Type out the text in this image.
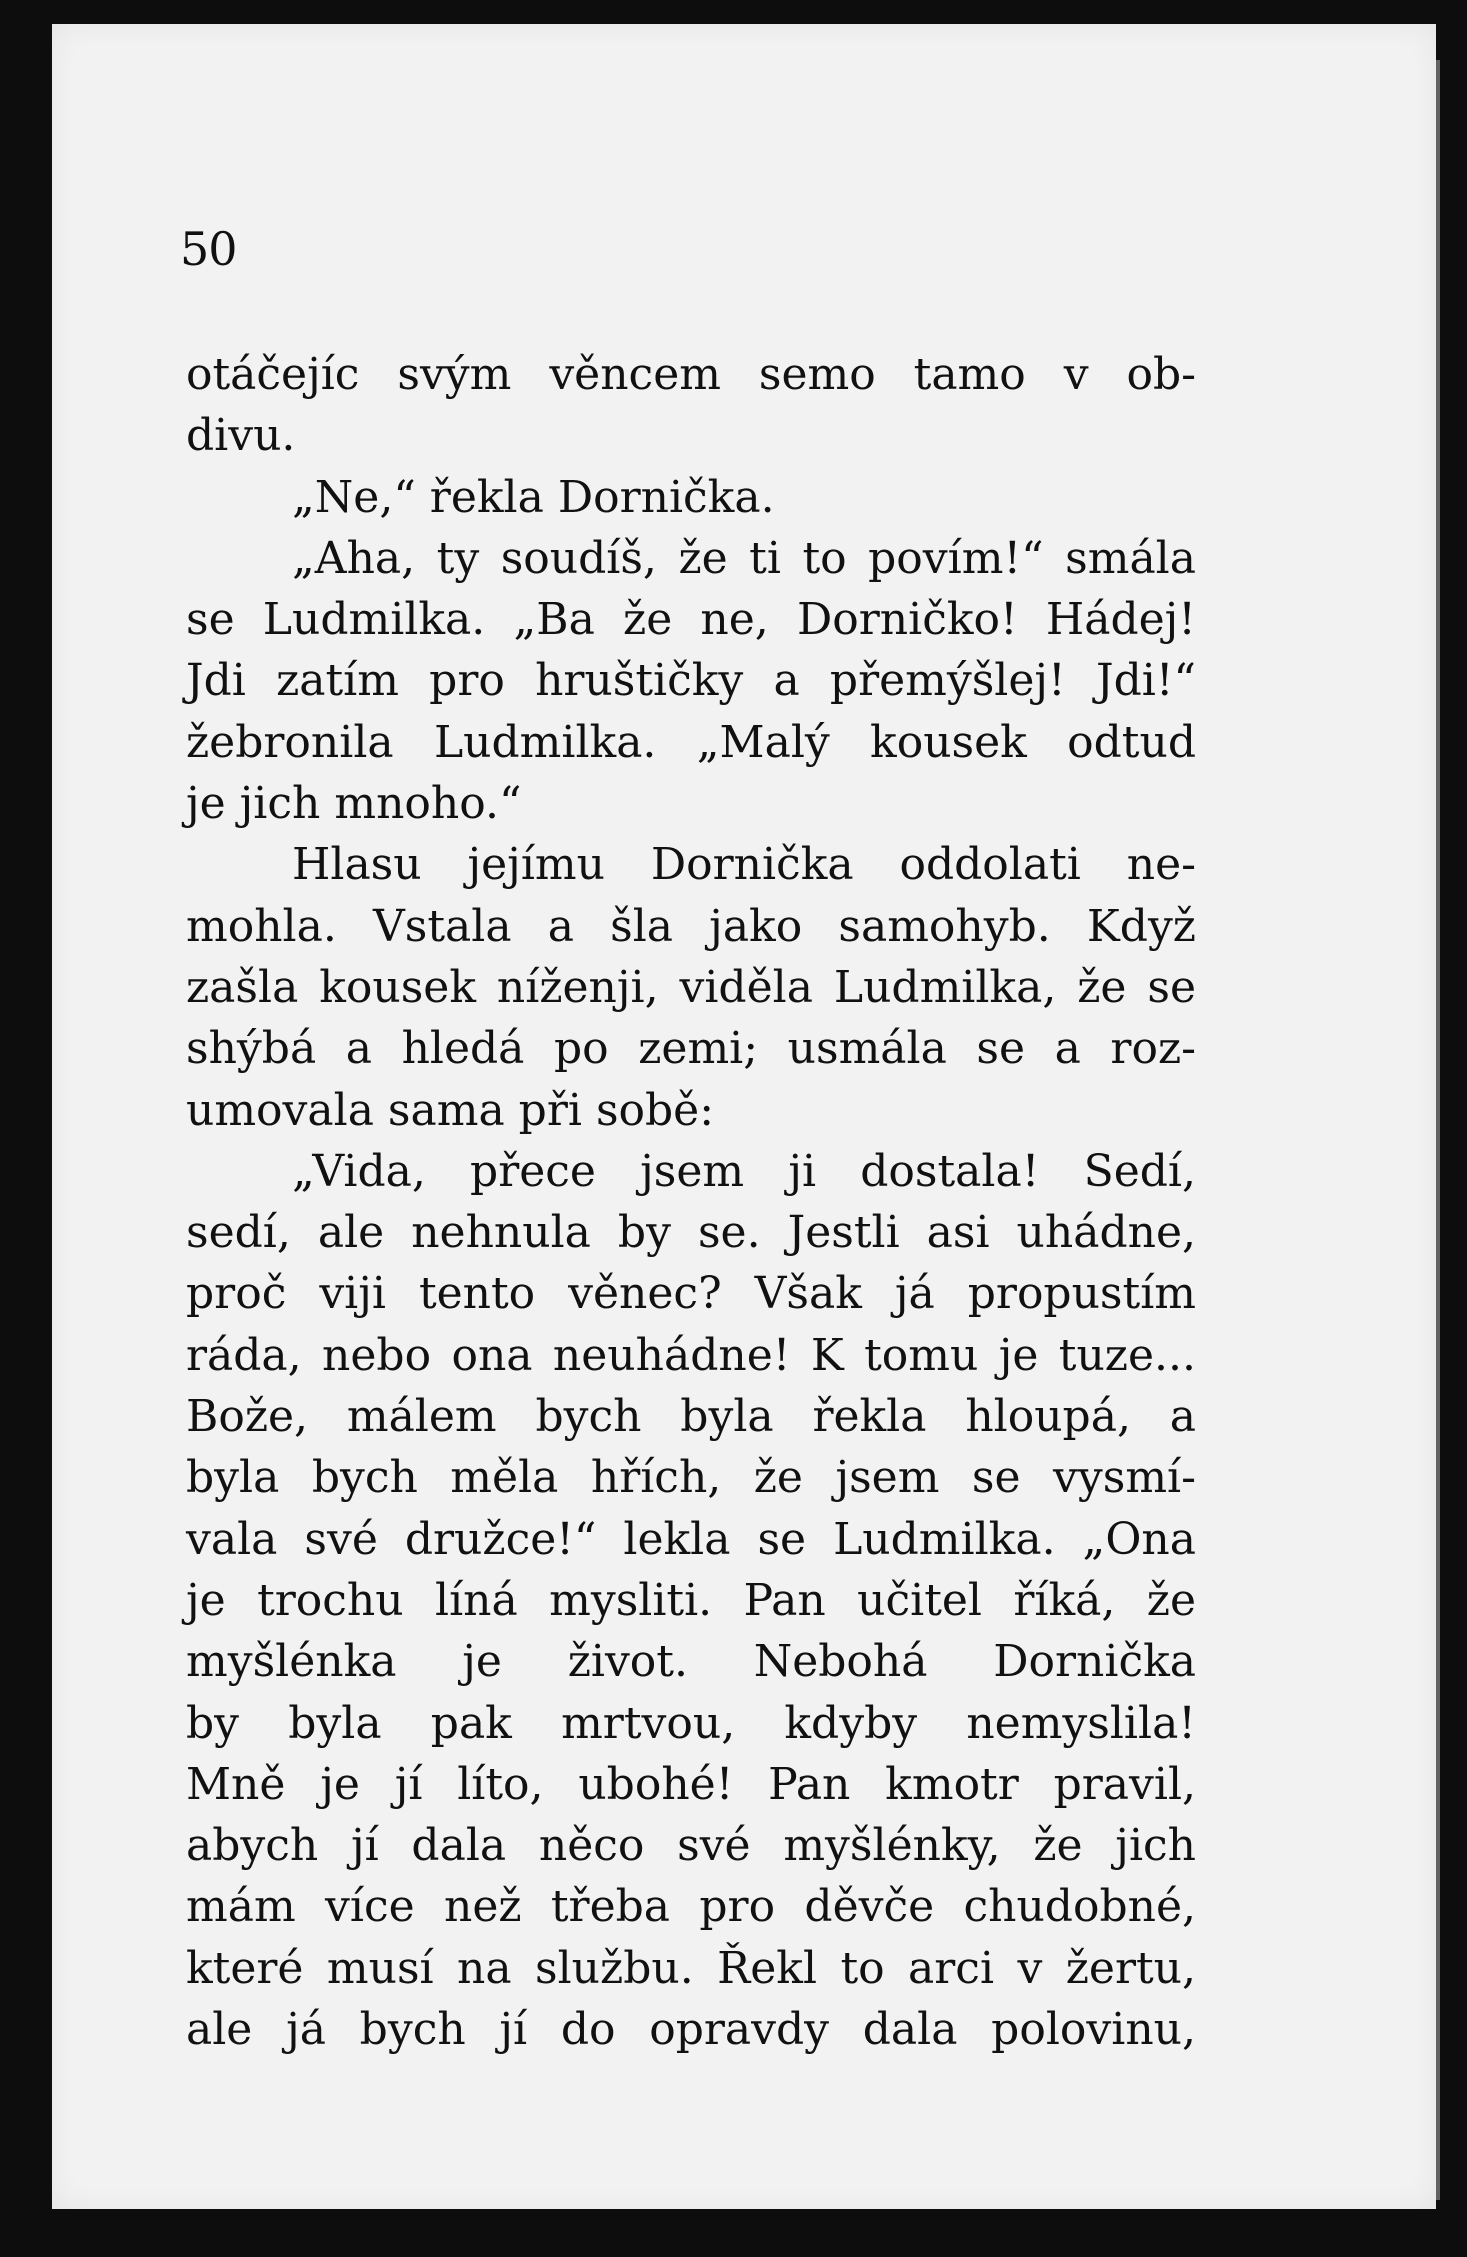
50
otáčejíc svým věncem semo tamo v ob-
divu.
„Ne,“ řekla Dornička.
„Aha, ty soudíš, že ti to povím!“ smála
se Ludmilka. „Ba že ne, Dorničko! Hádej!
Jdi zatím pro hruštičky a přemýšlej! Jdi!“
žebronila Ludmilka. „Malý kousek odtud
je jich mnoho.“
Hlasu jejímu Dornička oddolati ne-
mohla. Vstala a šla jako samohyb. Když
zašla kousek níženji, viděla Ludmilka, že se
shýbá a hledá po zemi; usmála se a roz-
umovala sama při sobě:
„Vida, přece jsem ji dostala! Sedí,
sedí, ale nehnula by se. Jestli asi uhádne,
proč viji tento věnec? Však já propustím
ráda, nebo ona neuhádne! K tomu je tuze...
Bože, málem bych byla řekla hloupá, a
byla bych měla hřích, že jsem se vysmí-
vala své družce!“ lekla se Ludmilka. „Ona
je trochu líná mysliti. Pan učitel říká, že
myšlénka je život. Nebohá Dornička
by byla pak mrtvou, kdyby nemyslila!
Mně je jí líto, ubohé! Pan kmotr pravil,
abych jí dala něco své myšlénky, že jich
mám více než třeba pro děvče chudobné,
které musí na službu. Řekl to arci v žertu,
ale já bych jí do opravdy dala polovinu,
